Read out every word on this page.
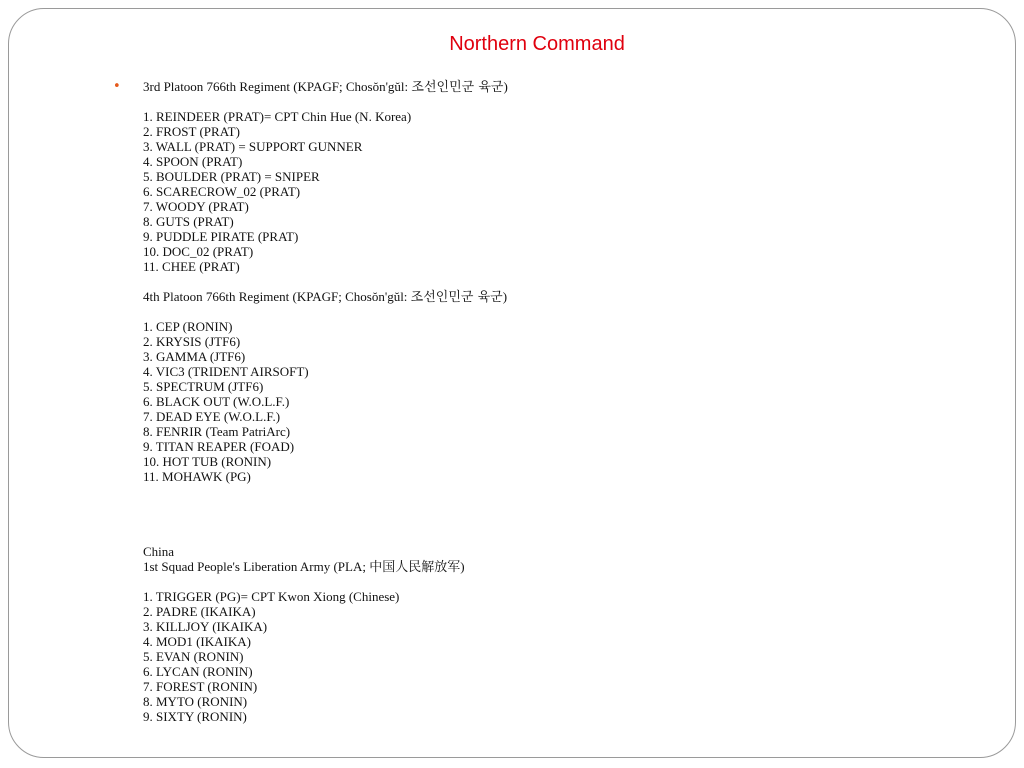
Northern Command
• 3rd Platoon 766th Regiment (KPAGF; Chosŏn'gŭl: 조선인민군 육군)
1. REINDEER (PRAT)= CPT Chin Hue (N. Korea)
2. FROST (PRAT)
3. WALL (PRAT) = SUPPORT GUNNER
4. SPOON (PRAT)
5. BOULDER (PRAT) = SNIPER
6. SCARECROW_02 (PRAT)
7. WOODY (PRAT)
8. GUTS (PRAT)
9. PUDDLE PIRATE (PRAT)
10. DOC_02 (PRAT)
11. CHEE (PRAT)
4th Platoon 766th Regiment (KPAGF; Chosŏn'gŭl: 조선인민군 육군)
1. CEP (RONIN)
2. KRYSIS (JTF6)
3. GAMMA (JTF6)
4. VIC3 (TRIDENT AIRSOFT)
5. SPECTRUM (JTF6)
6. BLACK OUT (W.O.L.F.)
7. DEAD EYE (W.O.L.F.)
8. FENRIR (Team PatriArc)
9. TITAN REAPER (FOAD)
10. HOT TUB (RONIN)
11. MOHAWK (PG)
China
1st Squad People's Liberation Army (PLA; 中国人民解放军)
1. TRIGGER (PG)= CPT Kwon Xiong (Chinese)
2. PADRE (IKAIKA)
3. KILLJOY (IKAIKA)
4. MOD1 (IKAIKA)
5. EVAN (RONIN)
6. LYCAN (RONIN)
7. FOREST (RONIN)
8. MYTO (RONIN)
9. SIXTY (RONIN)
